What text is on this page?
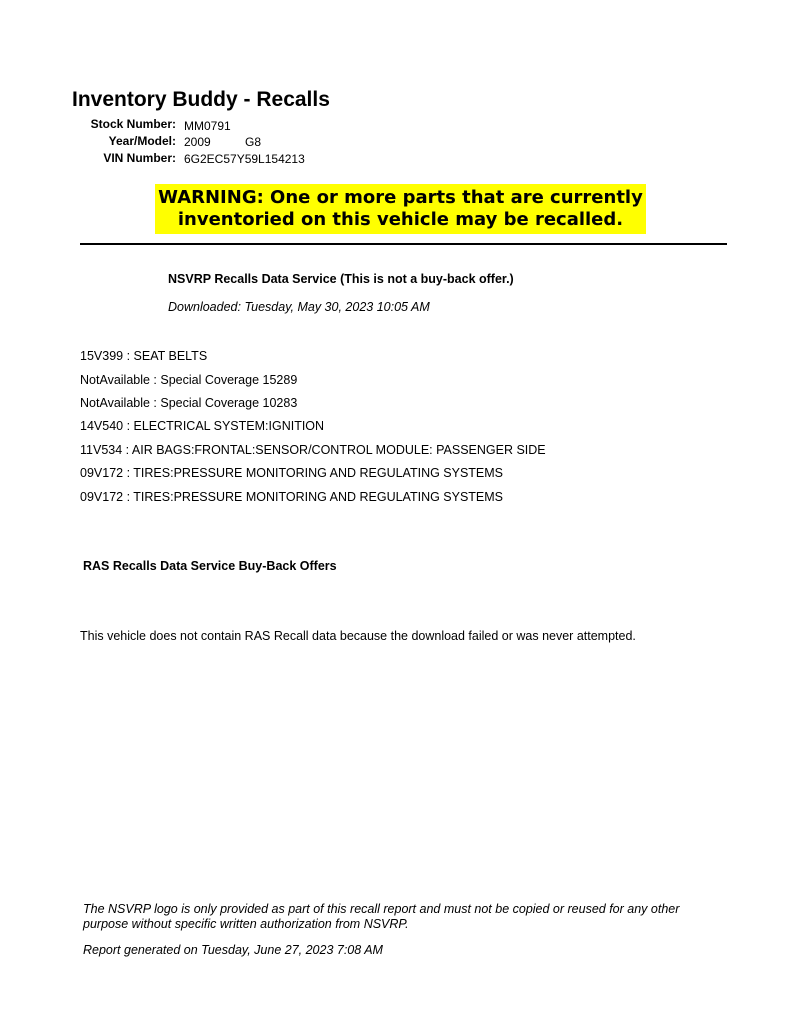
Inventory Buddy - Recalls
Stock Number: MM0791
Year/Model: 2009	G8
VIN Number: 6G2EC57Y59L154213
WARNING: One or more parts that are currently
inventoried on this vehicle may be recalled.
NSVRP Recalls Data Service (This is not a buy-back offer.)
Downloaded: Tuesday, May 30, 2023 10:05 AM
15V399 : SEAT BELTS
NotAvailable : Special Coverage 15289
NotAvailable : Special Coverage 10283
14V540 : ELECTRICAL SYSTEM:IGNITION
11V534 : AIR BAGS:FRONTAL:SENSOR/CONTROL MODULE: PASSENGER SIDE
09V172 : TIRES:PRESSURE MONITORING AND REGULATING SYSTEMS
09V172 : TIRES:PRESSURE MONITORING AND REGULATING SYSTEMS
RAS Recalls Data Service Buy-Back Offers
This vehicle does not contain RAS Recall data because the download failed or was never attempted.
The NSVRP logo is only provided as part of this recall report and must not be copied or reused for any other purpose without specific written authorization from NSVRP.
Report generated on Tuesday, June 27, 2023 7:08 AM
